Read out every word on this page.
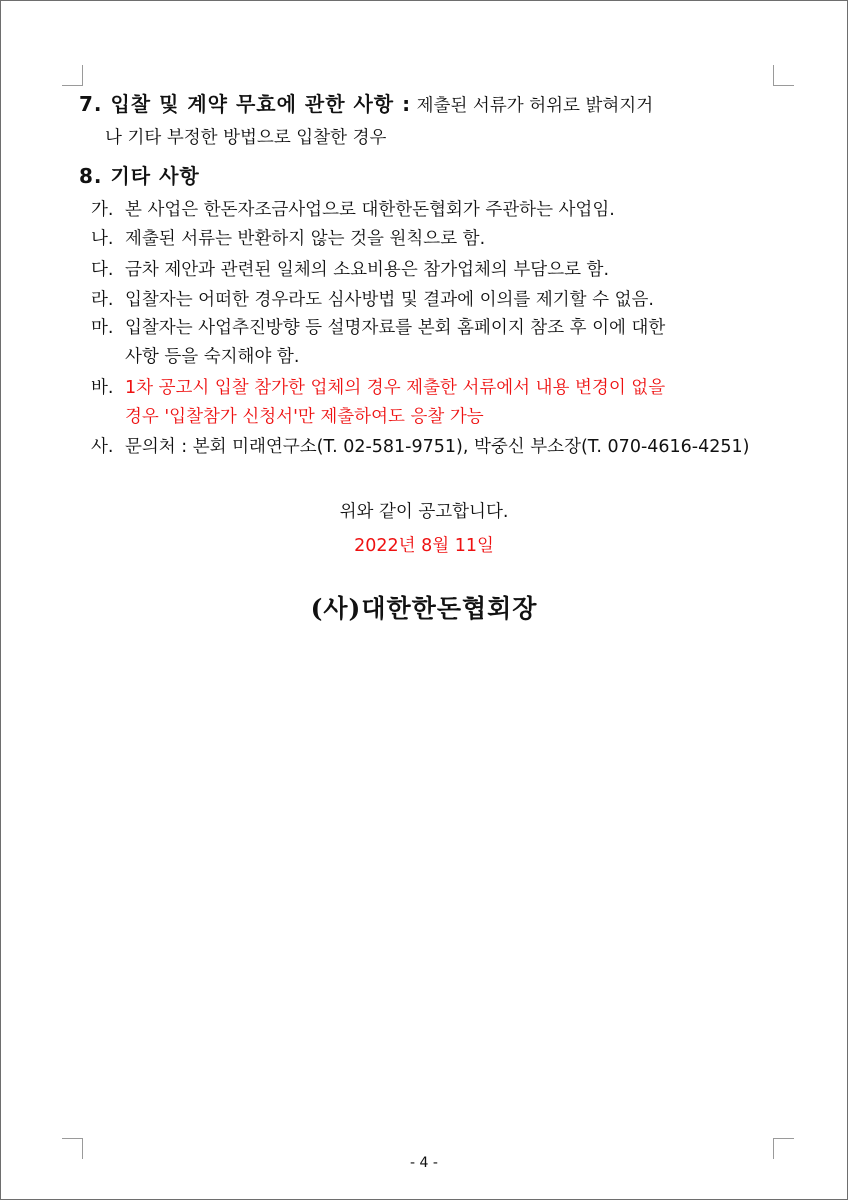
7. 입찰 및 계약 무효에 관한 사항 : 제출된 서류가 허위로 밝혀지거
나 기타 부정한 방법으로 입찰한 경우
8. 기타 사항
가. 본 사업은 한돈자조금사업으로 대한한돈협회가 주관하는 사업임.
나. 제출된 서류는 반환하지 않는 것을 원칙으로 함.
다. 금차 제안과 관련된 일체의 소요비용은 참가업체의 부담으로 함.
라. 입찰자는 어떠한 경우라도 심사방법 및 결과에 이의를 제기할 수 없음.
마. 입찰자는 사업추진방향 등 설명자료를 본회 홈페이지 참조 후 이에 대한
사항 등을 숙지해야 함.
바. 1차 공고시 입찰 참가한 업체의 경우 제출한 서류에서 내용 변경이 없을
경우 '입찰참가 신청서'만 제출하여도 응찰 가능
사. 문의처 : 본회 미래연구소(T. 02-581-9751), 박중신 부소장(T. 070-4616-4251)
위와 같이 공고합니다.
2022년 8월 11일
(사)대한한돈협회장
- 4 -
